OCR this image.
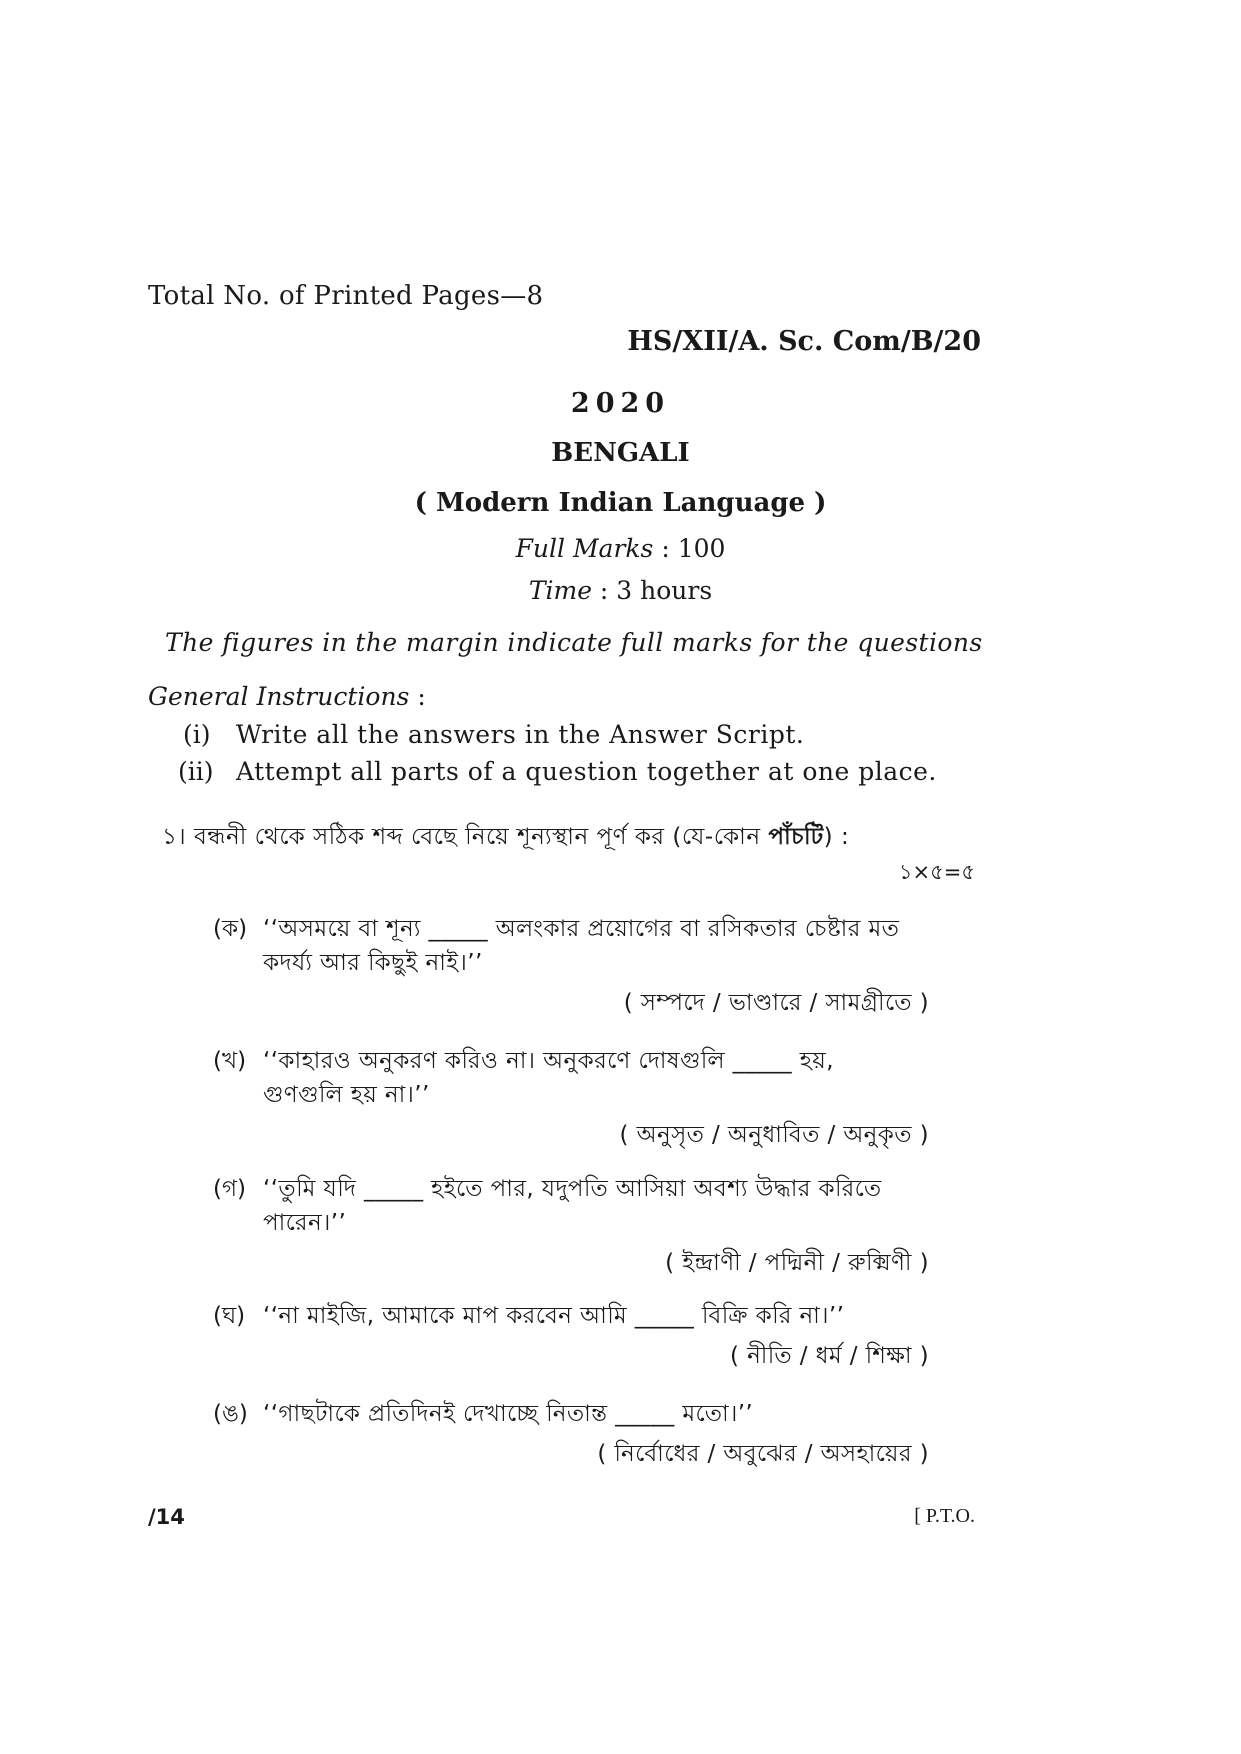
Total No. of Printed Pages—8
HS/XII/A. Sc. Com/B/20
2020
BENGALI
( Modern Indian Language )
Full Marks : 100
Time : 3 hours
The figures in the margin indicate full marks for the questions
General Instructions :
(i) Write all the answers in the Answer Script.
(ii) Attempt all parts of a question together at one place.
১। বন্ধনী থেকে সঠিক শব্দ বেছে নিয়ে শূন্যস্থান পূর্ণ কর (যে-কোন পাঁচটি) :
১×৫=৫
(ক) ‘‘অসময়ে বা শূন্য _____ অলংকার প্রয়োগের বা রসিকতার চেষ্টার মত
কদর্য্য আর কিছুই নাই।’’
( সম্পদে / ভাণ্ডারে / সামগ্রীতে )
(খ) ‘‘কাহারও অনুকরণ করিও না। অনুকরণে দোষগুলি _____ হয়,
গুণগুলি হয় না।’’
( অনুসৃত / অনুধাবিত / অনুকৃত )
(গ) ‘‘তুমি যদি _____ হইতে পার, যদুপতি আসিয়া অবশ্য উদ্ধার করিতে
পারেন।’’
( ইন্দ্রাণী / পদ্মিনী / রুক্মিণী )
(ঘ) ‘‘না মাইজি, আমাকে মাপ করবেন আমি _____ বিক্রি করি না।’’
( নীতি / ধর্ম / শিক্ষা )
(ঙ) ‘‘গাছটাকে প্রতিদিনই দেখাচ্ছে নিতান্ত _____ মতো।’’
( নির্বোধের / অবুঝের / অসহায়ের )
/14	[ P.T.O.
